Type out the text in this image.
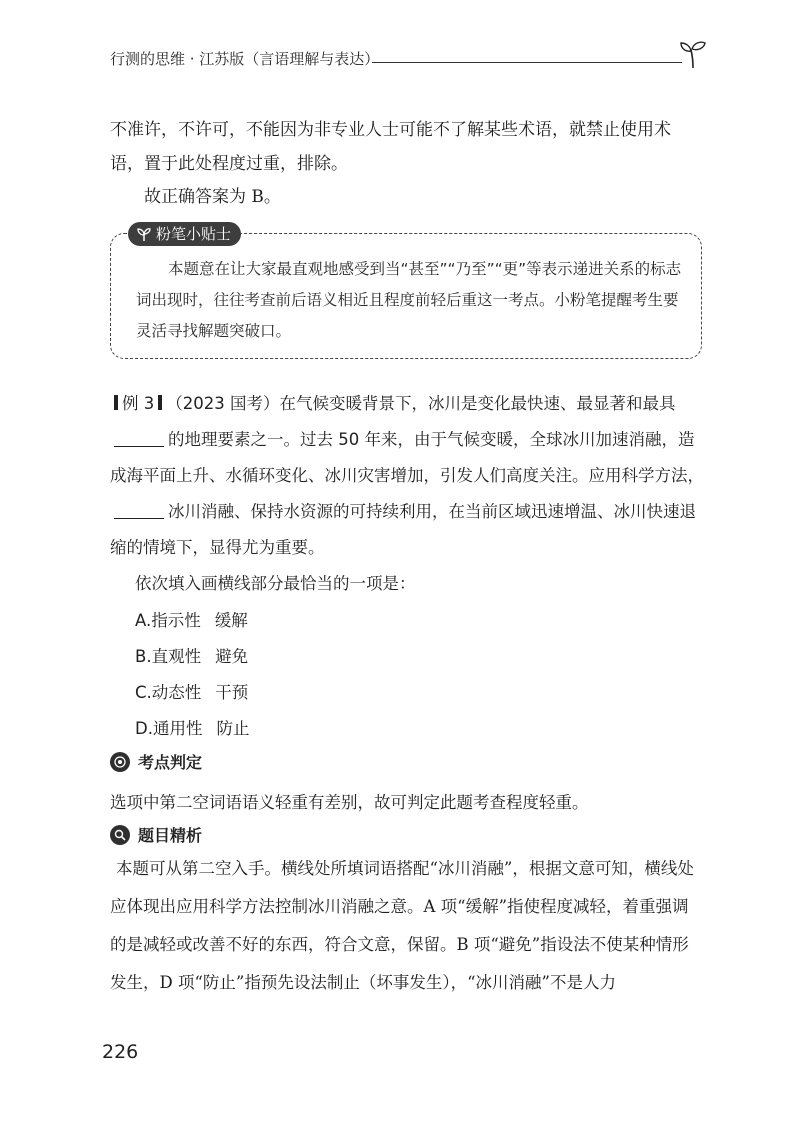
行测的思维 · 江苏版（言语理解与表达）
不准许，不许可，不能因为非专业人士可能不了解某些术语，就禁止使用术语，置于此处程度过重，排除。
故正确答案为 B。
粉笔小贴士
本题意在让大家最直观地感受到当“甚至”“乃至”“更”等表示递进关系的标志词出现时，往往考查前后语义相近且程度前轻后重这一考点。小粉笔提醒考生要灵活寻找解题突破口。
例 3 （2023 国考）在气候变暖背景下，冰川是变化最快速、最显著和最具的地理要素之一。过去 50 年来，由于气候变暖，全球冰川加速消融，造成海平面上升、水循环变化、冰川灾害增加，引发人们高度关注。应用科学方法，冰川消融、保持水资源的可持续利用，在当前区域迅速增温、冰川快速退缩的情境下，显得尤为重要。
依次填入画横线部分最恰当的一项是：
A.指示性 缓解
B.直观性 避免
C.动态性 干预
D.通用性 防止
考点判定
选项中第二空词语语义轻重有差别，故可判定此题考查程度轻重。
题目精析
本题可从第二空入手。横线处所填词语搭配“冰川消融”，根据文意可知，横线处应体现出应用科学方法控制冰川消融之意。A 项“缓解”指使程度减轻，着重强调的是减轻或改善不好的东西，符合文意，保留。B 项“避免”指设法不使某种情形发生，D 项“防止”指预先设法制止（坏事发生），“冰川消融”不是人力
226
